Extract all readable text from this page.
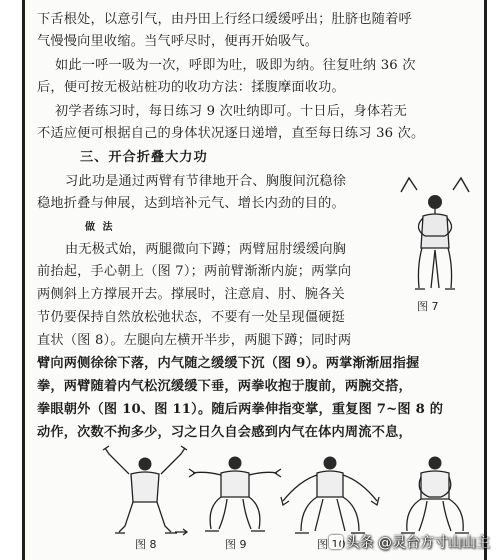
下舌根处，以意引气，由丹田上行经口缓缓呼出；肚脐也随着呼
气慢慢向里收缩。当气呼尽时，便再开始吸气。
如此一呼一吸为一次，呼即为吐，吸即为纳。往复吐纳 36 次
后，便可按无极站桩功的收功方法：揉腹摩面收功。
初学者练习时，每日练习 9 次吐纳即可。十日后，身体若无
不适应便可根据自己的身体状况逐日递增，直至每日练习 36 次。
三、开合折叠大力功
习此功是通过两臂有节律地开合、胸腹间沉稳徐
稳地折叠与伸展，达到培补元气、增长内劲的目的。
做 法
由无极式始，两腿微向下蹲；两臂屈肘缓缓向胸
前抬起，手心朝上（图 7）；两前臂渐渐内旋；两掌向
两侧斜上方撑展开去。撑展时，注意肩、肘、腕各关
节仍要保持自然放松弛状态，不要有一处呈现僵硬挺
直状（图 8）。左腿向左横开半步，两腿下蹲；同时两
臂向两侧徐徐下落，内气随之缓缓下沉（图 9）。两掌渐渐屈指握
拳，两臂随着内气松沉缓缓下垂，两拳收抱于腹前，两腕交搭，
拳眼朝外（图 10、图 11）。随后两拳伸指变掌，重复图 7~图 8 的
动作，次数不拘多少，习之日久自会感到内气在体内周流不息，
图 7
图 8	图 9	图 10 头条 @灵台方寸山山主
